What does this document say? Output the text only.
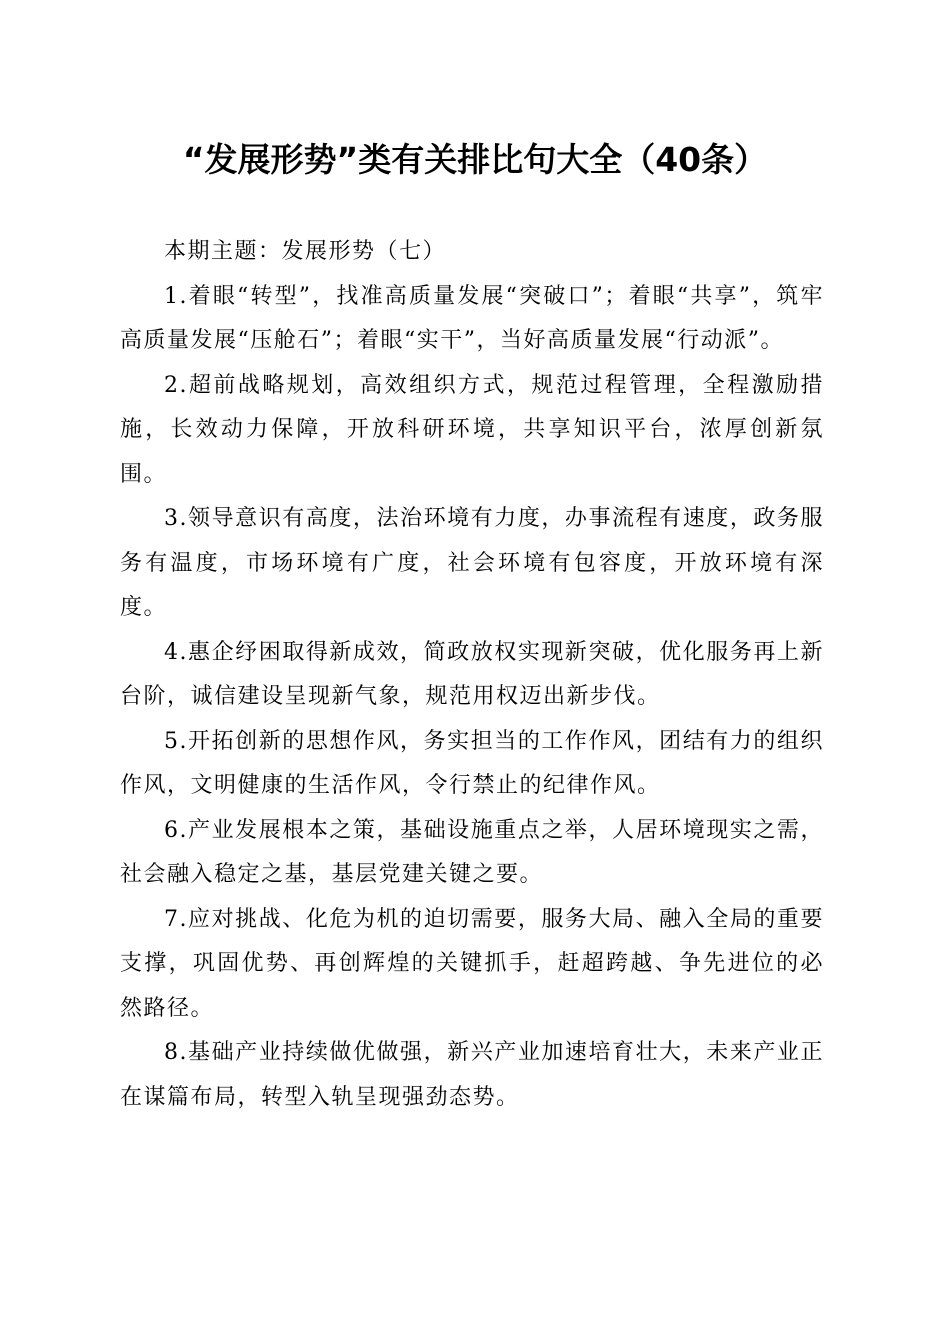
“发展形势”类有关排比句大全（40条）

本期主题：发展形势（七）

1.着眼“转型”，找准高质量发展“突破口”；着眼“共享”，筑牢高质量发展“压舱石”；着眼“实干”，当好高质量发展“行动派”。

2.超前战略规划，高效组织方式，规范过程管理，全程激励措施，长效动力保障，开放科研环境，共享知识平台，浓厚创新氛围。

3.领导意识有高度，法治环境有力度，办事流程有速度，政务服务有温度，市场环境有广度，社会环境有包容度，开放环境有深度。

4.惠企纾困取得新成效，简政放权实现新突破，优化服务再上新台阶，诚信建设呈现新气象，规范用权迈出新步伐。

5.开拓创新的思想作风，务实担当的工作作风，团结有力的组织作风，文明健康的生活作风，令行禁止的纪律作风。

6.产业发展根本之策，基础设施重点之举，人居环境现实之需，社会融入稳定之基，基层党建关键之要。

7.应对挑战、化危为机的迫切需要，服务大局、融入全局的重要支撑，巩固优势、再创辉煌的关键抓手，赶超跨越、争先进位的必然路径。

8.基础产业持续做优做强，新兴产业加速培育壮大，未来产业正在谋篇布局，转型入轨呈现强劲态势。
